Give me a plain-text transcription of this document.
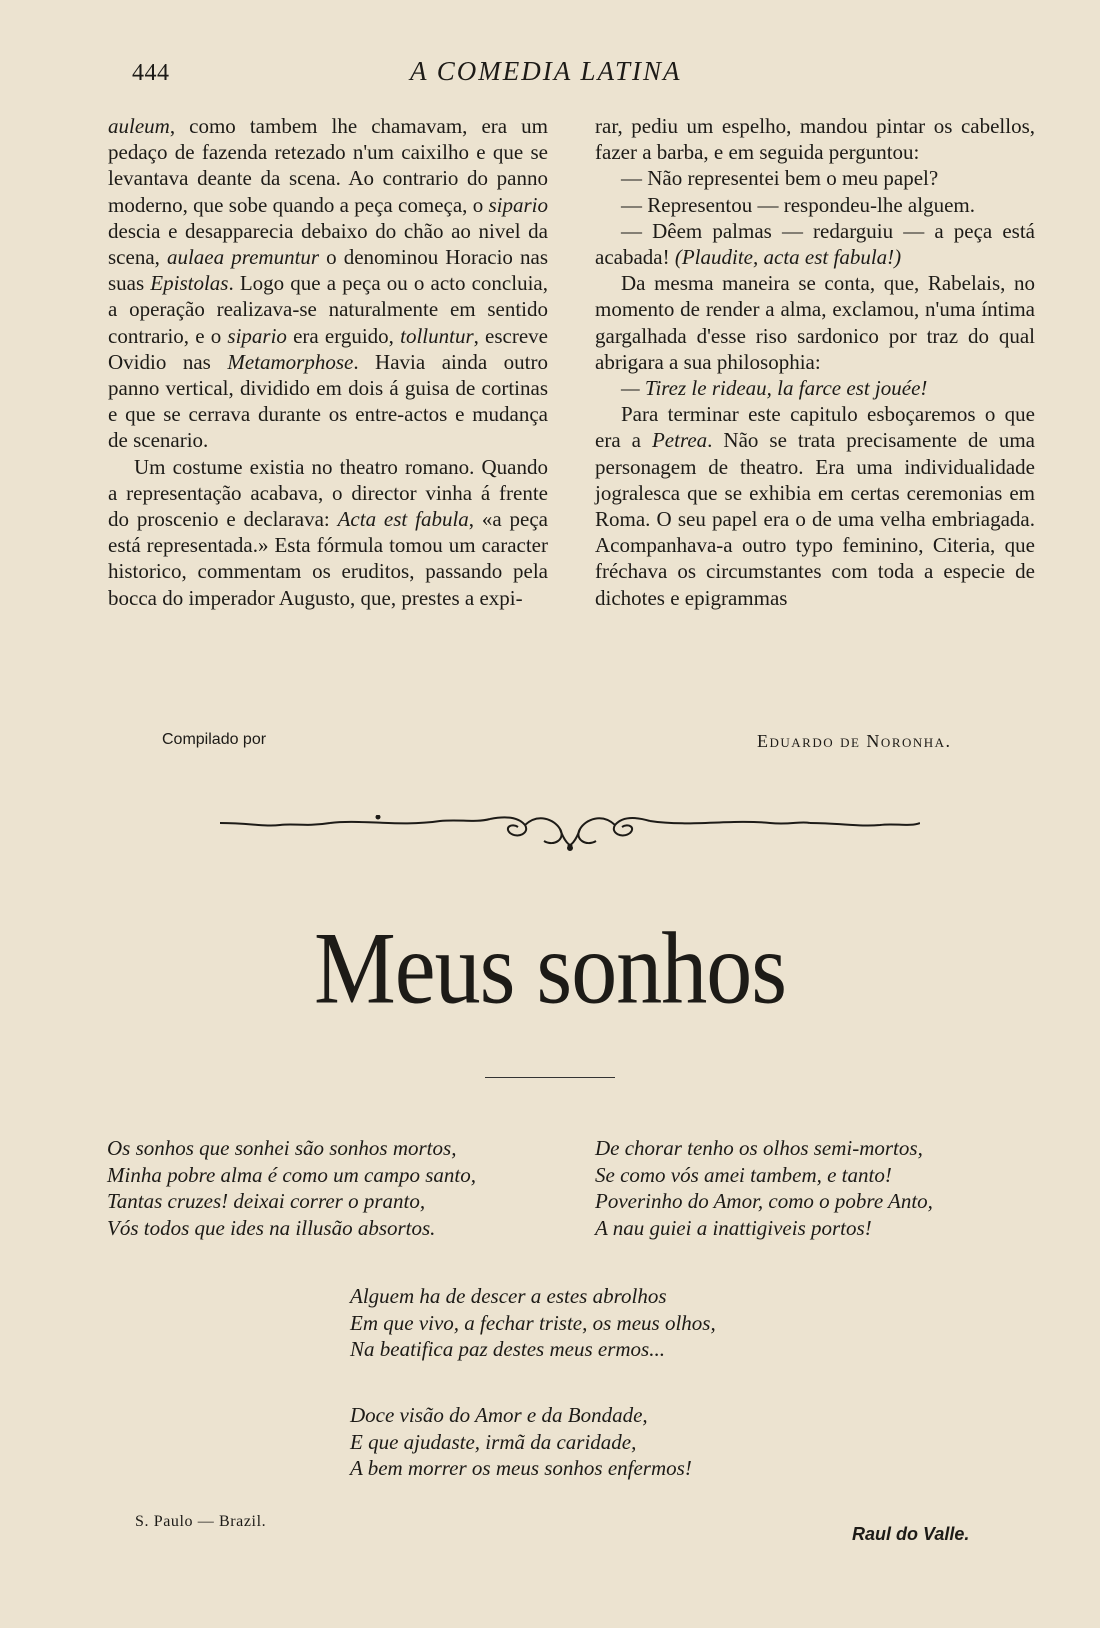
444	A COMEDIA LATINA

auleum, como tambem lhe chamavam, era um pedaço de fazenda retezado n'um caixilho e que se levantava deante da scena. Ao contrario do panno moderno, que sobe quando a peça começa, o sipario descia e desapparecia debaixo do chão ao nivel da scena, aulaea premuntur o denominou Horacio nas suas Epistolas. Logo que a peça ou o acto concluia, a operação realizava-se naturalmente em sentido contrario, e o sipario era erguido, tolluntur, escreve Ovidio nas Metamorphose. Havia ainda outro panno vertical, dividido em dois á guisa de cortinas e que se cerrava durante os entre-actos e mudança de scenario.

Um costume existia no theatro romano. Quando a representação acabava, o director vinha á frente do proscenio e declarava: Acta est fabula, «a peça está representada.» Esta fórmula tomou um caracter historico, commentam os eruditos, passando pela bocca do imperador Augusto, que, prestes a expi-

rar, pediu um espelho, mandou pintar os cabellos, fazer a barba, e em seguida perguntou:

— Não representei bem o meu papel?

— Representou — respondeu-lhe alguem.

— Dêem palmas — redarguiu — a peça está acabada! (Plaudite, acta est fabula!)

Da mesma maneira se conta, que, Rabelais, no momento de render a alma, exclamou, n'uma íntima gargalhada d'esse riso sardonico por traz do qual abrigara a sua philosophia:

— Tirez le rideau, la farce est jouée!

Para terminar este capitulo esboçaremos o que era a Petrea. Não se trata precisamente de uma personagem de theatro. Era uma individualidade jogralesca que se exhibia em certas ceremonias em Roma. O seu papel era o de uma velha embriagada. Acompanhava-a outro typo feminino, Citeria, que fréchava os circumstantes com toda a especie de dichotes e epigrammas

Compilado por	Eduardo de Noronha.
Meus sonhos
Os sonhos que sonhei são sonhos mortos,
Minha pobre alma é como um campo santo,
Tantas cruzes! deixai correr o pranto,
Vós todos que ides na illusão absortos.
De chorar tenho os olhos semi-mortos,
Se como vós amei tambem, e tanto!
Poverinho do Amor, como o pobre Anto,
A nau guiei a inattigiveis portos!
Alguem ha de descer a estes abrolhos
Em que vivo, a fechar triste, os meus olhos,
Na beatifica paz destes meus ermos...
Doce visão do Amor e da Bondade,
E que ajudaste, irmã da caridade,
A bem morrer os meus sonhos enfermos!
S. Paulo — Brazil.
Raul do Valle.
